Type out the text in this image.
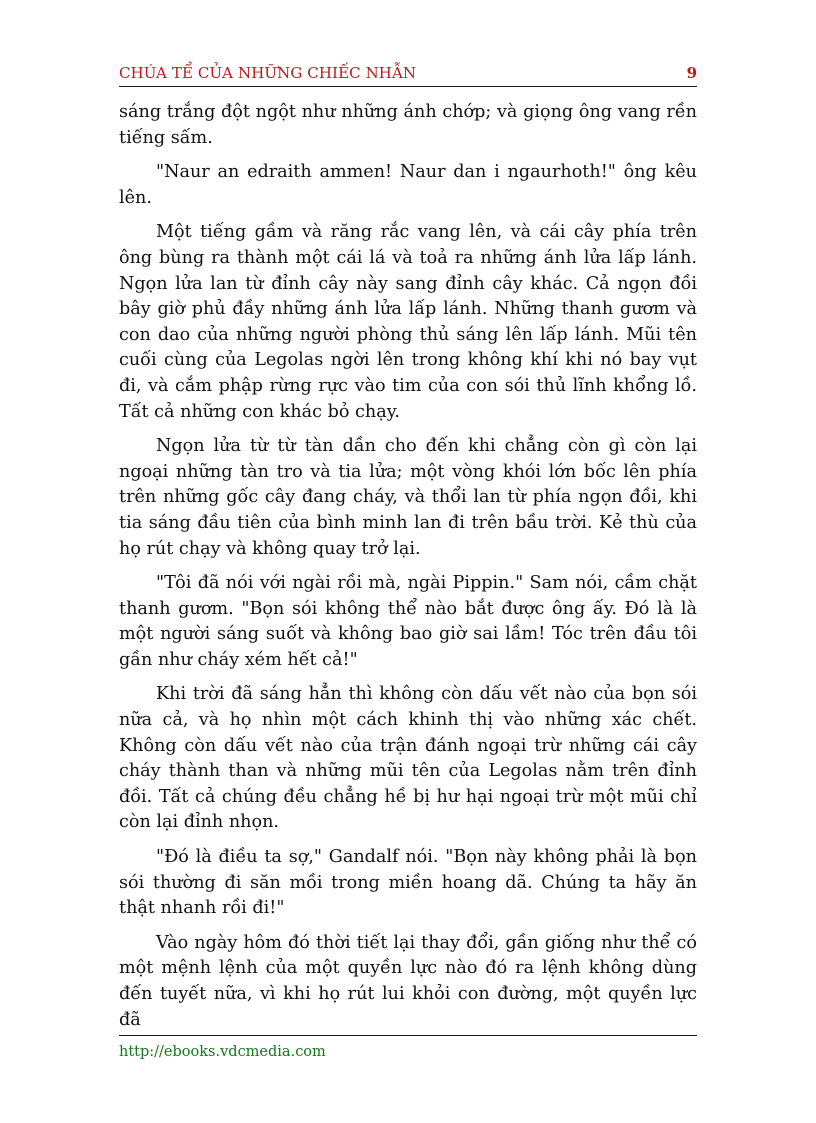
CHÚA TỂ CỦA NHỮNG CHIẾC NHẪN	9

sáng trắng đột ngột như những ánh chớp; và giọng ông vang rền tiếng sấm.

"Naur an edraith ammen! Naur dan i ngaurhoth!" ông kêu lên.

Một tiếng gầm và răng rắc vang lên, và cái cây phía trên ông bùng ra thành một cái lá và toả ra những ánh lửa lấp lánh. Ngọn lửa lan từ đỉnh cây này sang đỉnh cây khác. Cả ngọn đồi bây giờ phủ đầy những ánh lửa lấp lánh. Những thanh gươm và con dao của những người phòng thủ sáng lên lấp lánh. Mũi tên cuối cùng của Legolas ngời lên trong không khí khi nó bay vụt đi, và cắm phập rừng rực vào tim của con sói thủ lĩnh khổng lồ. Tất cả những con khác bỏ chạy.

Ngọn lửa từ từ tàn dần cho đến khi chẳng còn gì còn lại ngoại những tàn tro và tia lửa; một vòng khói lớn bốc lên phía trên những gốc cây đang cháy, và thổi lan từ phía ngọn đồi, khi tia sáng đầu tiên của bình minh lan đi trên bầu trời. Kẻ thù của họ rút chạy và không quay trở lại.

"Tôi đã nói với ngài rồi mà, ngài Pippin." Sam nói, cầm chặt thanh gươm. "Bọn sói không thể nào bắt được ông ấy. Đó là là một người sáng suốt và không bao giờ sai lầm! Tóc trên đầu tôi gần như cháy xém hết cả!"

Khi trời đã sáng hẳn thì không còn dấu vết nào của bọn sói nữa cả, và họ nhìn một cách khinh thị vào những xác chết. Không còn dấu vết nào của trận đánh ngoại trừ những cái cây cháy thành than và những mũi tên của Legolas nằm trên đỉnh đồi. Tất cả chúng đều chẳng hề bị hư hại ngoại trừ một mũi chỉ còn lại đỉnh nhọn.

"Đó là điều ta sợ," Gandalf nói. "Bọn này không phải là bọn sói thường đi săn mồi trong miền hoang dã. Chúng ta hãy ăn thật nhanh rồi đi!"

Vào ngày hôm đó thời tiết lại thay đổi, gần giống như thể có một mệnh lệnh của một quyền lực nào đó ra lệnh không dùng đến tuyết nữa, vì khi họ rút lui khỏi con đường, một quyền lực đã

http://ebooks.vdcmedia.com
